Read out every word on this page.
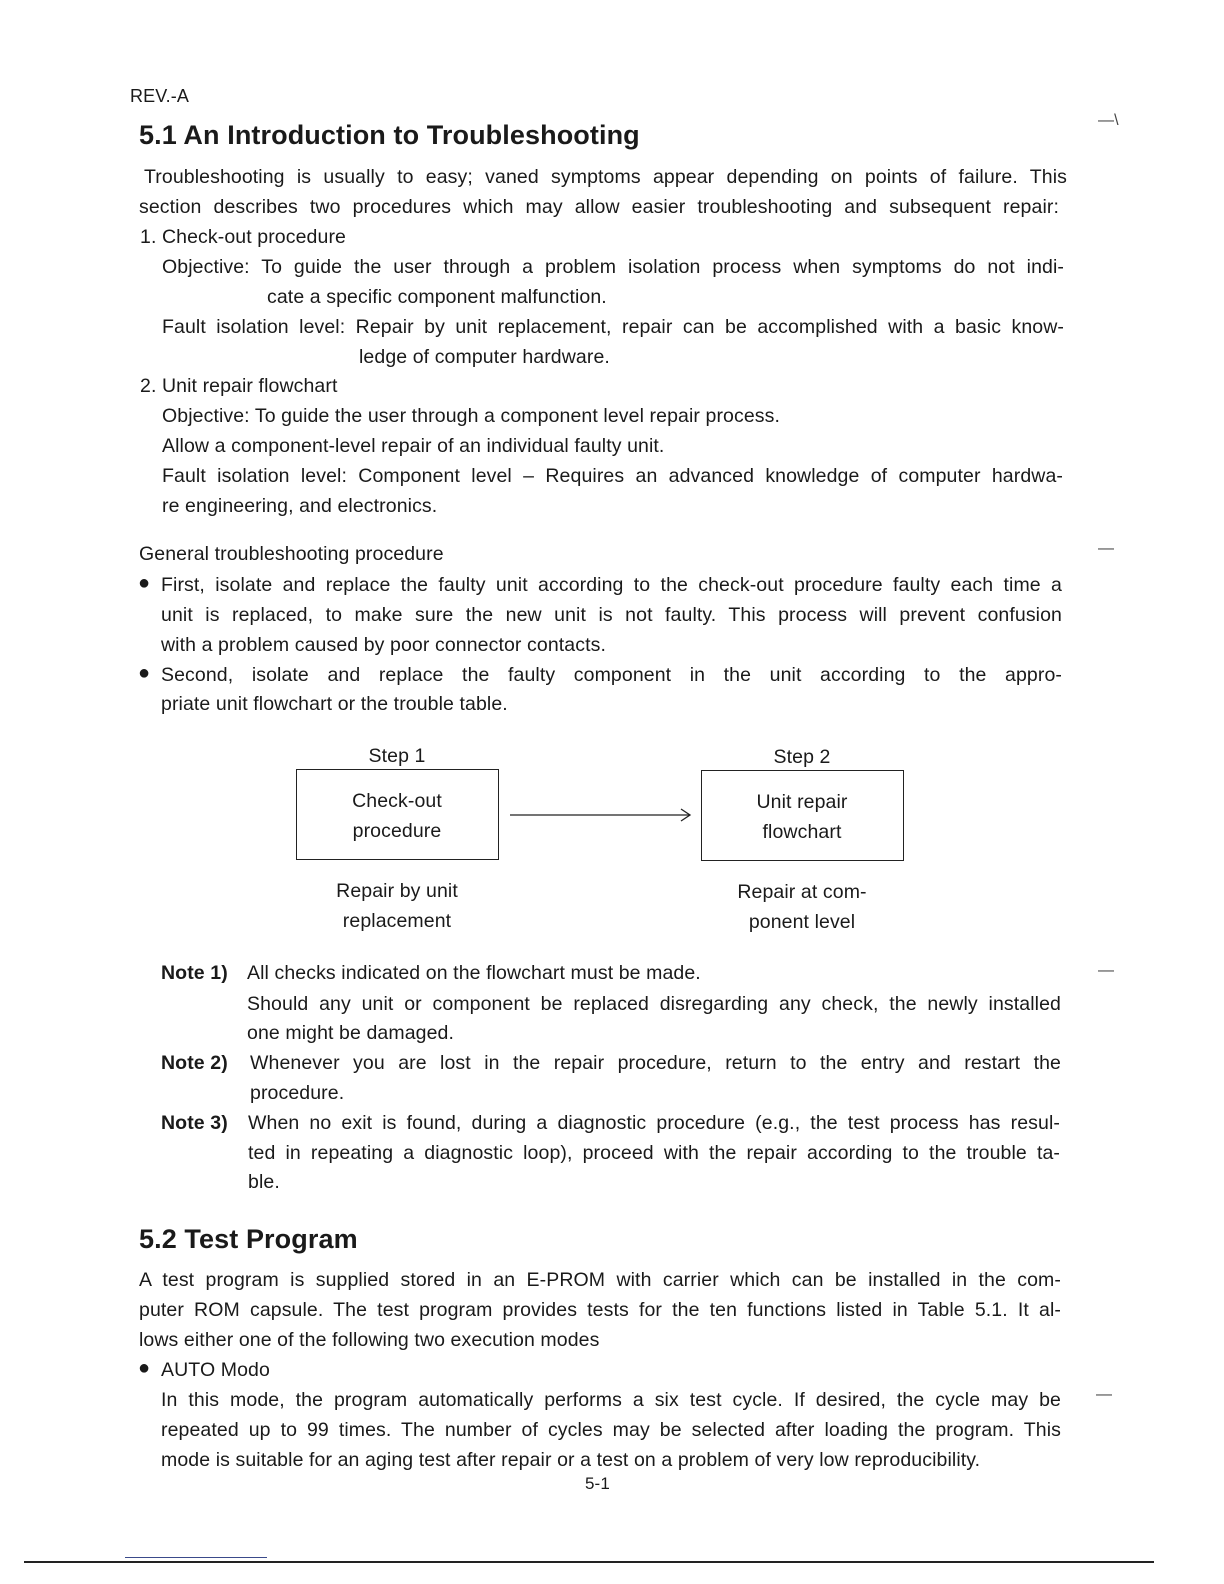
REV.-A
—\
5.1 An Introduction to Troubleshooting
Troubleshooting is usually to easy; vaned symptoms appear depending on points of failure. This
section describes two procedures which may allow easier troubleshooting and subsequent repair:
1. Check-out procedure
Objective: To guide the user through a problem isolation process when symptoms do not indi-
cate a specific component malfunction.
Fault isolation level: Repair by unit replacement, repair can be accomplished with a basic know-
ledge of computer hardware.
2. Unit repair flowchart
Objective: To guide the user through a component level repair process.
Allow a component-level repair of an individual faulty unit.
Fault isolation level: Component level – Requires an advanced knowledge of computer hardwa-
re engineering, and electronics.
—
General troubleshooting procedure
● First, isolate and replace the faulty unit according to the check-out procedure faulty each time a
unit is replaced, to make sure the new unit is not faulty. This process will prevent confusion
with a problem caused by poor connector contacts.
● Second, isolate and replace the faulty component in the unit according to the appro-
priate unit flowchart or the trouble table.
Step 1	Step 2
Check-out
procedure
Unit repair
flowchart
Repair by unit
replacement
Repair at com-
ponent level
—
Note 1) All checks indicated on the flowchart must be made.
Should any unit or component be replaced disregarding any check, the newly installed
one might be damaged.
Note 2) Whenever you are lost in the repair procedure, return to the entry and restart the
procedure.
Note 3) When no exit is found, during a diagnostic procedure (e.g., the test process has resul-
ted in repeating a diagnostic loop), proceed with the repair according to the trouble ta-
ble.
5.2 Test Program
A test program is supplied stored in an E-PROM with carrier which can be installed in the com-
puter ROM capsule. The test program provides tests for the ten functions listed in Table 5.1. It al-
lows either one of the following two execution modes
● AUTO Modo
—
In this mode, the program automatically performs a six test cycle. If desired, the cycle may be
repeated up to 99 times. The number of cycles may be selected after loading the program. This
mode is suitable for an aging test after repair or a test on a problem of very low reproducibility.
5-1
